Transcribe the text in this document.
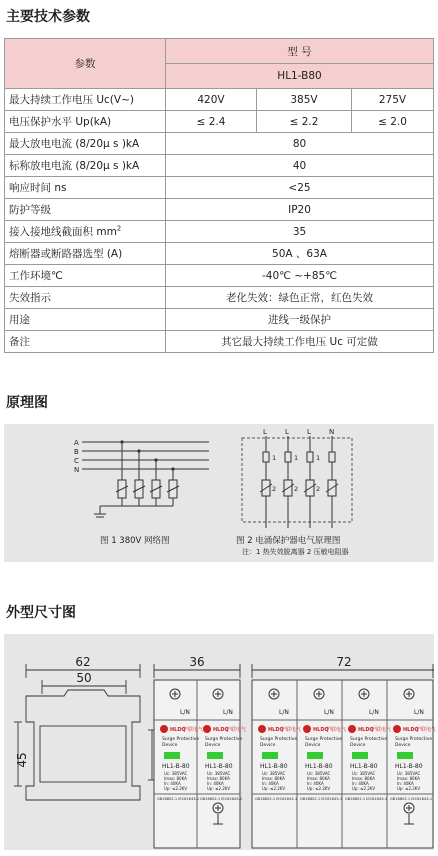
主要技术参数
参数	型 号		
	HL1-B80		
最大持续工作电压 Uc(V~)	420V	385V	275V
电压保护水平 Up(kA)	≤ 2.4	≤ 2.2	≤ 2.0
最大放电电流 (8/20μ s )kA	80		
标称放电电流 (8/20μ s )kA	40		
响应时间 ns	<25		
防护等级	IP20		
接入接地线截面积 $mm^2$	35		
熔断器或断路器选型 (A)	50A 、63A		
工作环境℃	-40℃ ~+85℃		
失效指示	老化失效：绿色正常，红色失效		
用途	进线一级保护		
备注	其它最大持续工作电压 Uc 可定做		
原理图
A
B
C
N
L	L	L	N
1	1	1
2	2	2
图 1 380V 网络图	图 2 电涌保护器电气原理图
注：1 热失效脱离器 2 压敏电阻器
外型尺寸图
62
50
45
36	72
L/N	L/N
HLDQ	HLDQ
沪联电气	沪联电气
Surge Protective Surge Protective
Device	Device
HL1-B-80	HL1-B-80
Uc: 385VAC	Uc: 385VAC
Imax: 80KA	Imax: 80KA
In: 40KA	In: 40KA
Up: ≤2.2KV	Up: ≤2.2KV
GB18802.1 IEC61643-1 GB18802.1 IEC61643-1
L/N	L/N	L/N	L/N
HLDQ	HLDQ	HLDQ	HLDQ
沪联电气	沪联电气	沪联电气	沪联电气
Surge Protective Surge Protective Surge Protective Surge Protective
Device	Device	Device	Device
HL1-B-80	HL1-B-80	HL1-B-80	HL1-B-80
Uc: 385VAC	Uc: 385VAC	Uc: 385VAC	Uc: 385VAC
Imax: 80KA	Imax: 80KA	Imax: 80KA	Imax: 80KA
In: 40KA	In: 40KA	In: 40KA	In: 40KA
Up: ≤2.2KV	Up: ≤2.2KV	Up: ≤2.2KV	Up: ≤2.2KV
GB18802.1 IEC61643-1 GB18802.1 IEC61643-1 GB18802.1 IEC61643-1 GB18802.1 IEC61643-1
